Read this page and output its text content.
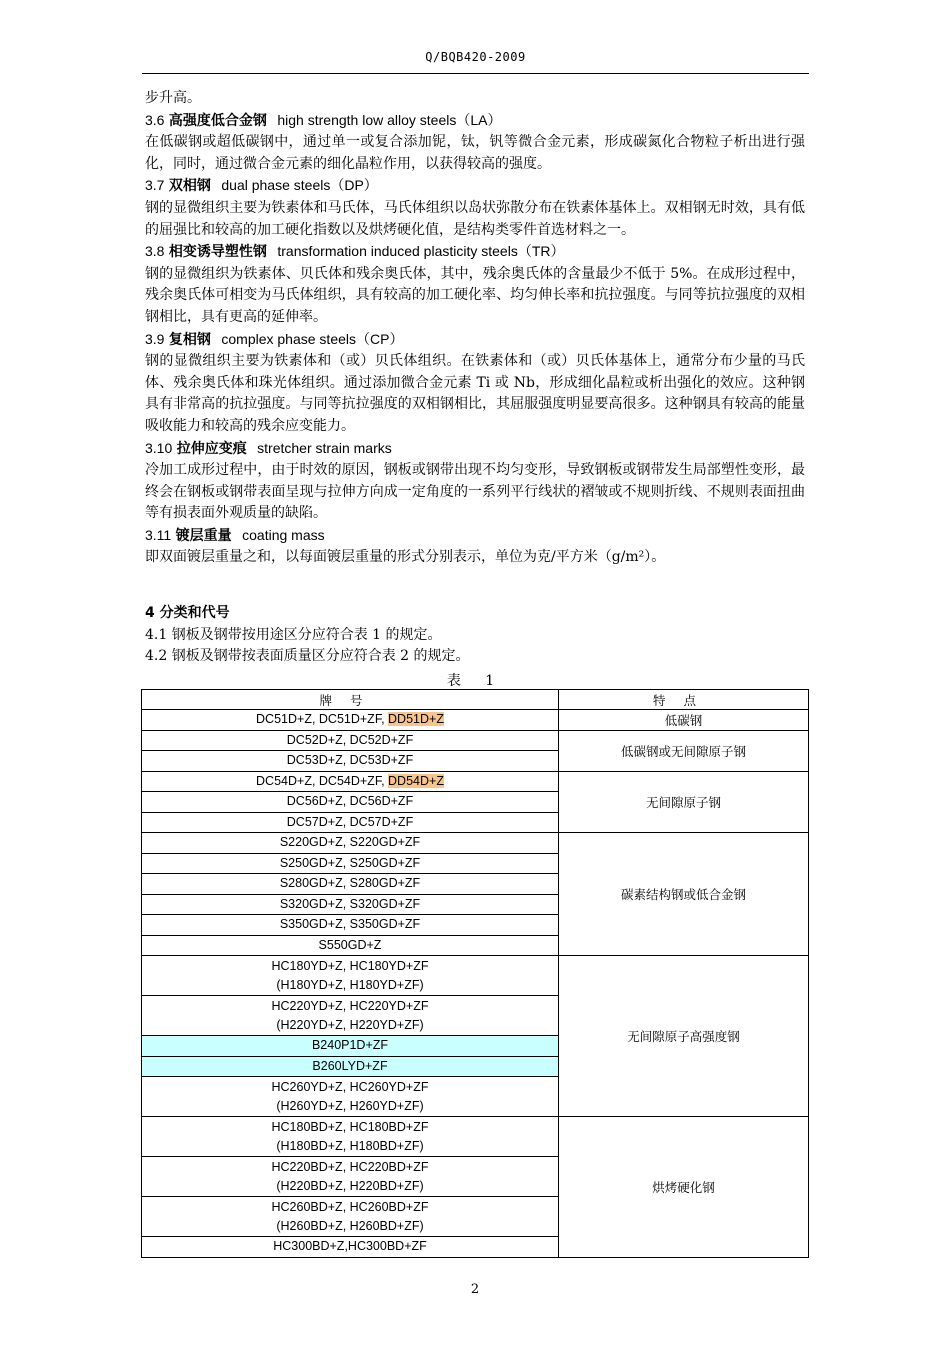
Q/BQB420-2009

步升高。

3.6 高强度低合金钢 high strength low alloy steels（LA）

在低碳钢或超低碳钢中，通过单一或复合添加铌，钛，钒等微合金元素，形成碳氮化合物粒子析出进行强化，同时，通过微合金元素的细化晶粒作用，以获得较高的强度。

3.7 双相钢 dual phase steels（DP）

钢的显微组织主要为铁素体和马氏体，马氏体组织以岛状弥散分布在铁素体基体上。双相钢无时效，具有低的屈强比和较高的加工硬化指数以及烘烤硬化值，是结构类零件首选材料之一。

3.8 相变诱导塑性钢 transformation induced plasticity steels（TR）

钢的显微组织为铁素体、贝氏体和残余奥氏体，其中，残余奥氏体的含量最少不低于 5%。在成形过程中，残余奥氏体可相变为马氏体组织，具有较高的加工硬化率、均匀伸长率和抗拉强度。与同等抗拉强度的双相钢相比，具有更高的延伸率。

3.9 复相钢 complex phase steels（CP）

钢的显微组织主要为铁素体和（或）贝氏体组织。在铁素体和（或）贝氏体基体上，通常分布少量的马氏体、残余奥氏体和珠光体组织。通过添加微合金元素 Ti 或 Nb，形成细化晶粒或析出强化的效应。这种钢具有非常高的抗拉强度。与同等抗拉强度的双相钢相比，其屈服强度明显要高很多。这种钢具有较高的能量吸收能力和较高的残余应变能力。

3.10 拉伸应变痕 stretcher strain marks

冷加工成形过程中，由于时效的原因，钢板或钢带出现不均匀变形，导致钢板或钢带发生局部塑性变形，最终会在钢板或钢带表面呈现与拉伸方向成一定角度的一系列平行线状的褶皱或不规则折线、不规则表面扭曲等有损表面外观质量的缺陷。

3.11 镀层重量 coating mass

即双面镀层重量之和，以每面镀层重量的形式分别表示，单位为克/平方米（g/m²）。

4 分类和代号

4.1 钢板及钢带按用途区分应符合表 1 的规定。

4.2 钢板及钢带按表面质量区分应符合表 2 的规定。

表 1
牌号	特点
DC51D+Z, DC51D+ZF, DD51D+Z	低碳钢
DC52D+Z, DC52D+ZF	低碳钢或无间隙原子钢
DC53D+Z, DC53D+ZF	
DC54D+Z, DC54D+ZF, DD54D+Z	无间隙原子钢
DC56D+Z, DC56D+ZF	
DC57D+Z, DC57D+ZF	
S220GD+Z, S220GD+ZF	碳素结构钢或低合金钢
S250GD+Z, S250GD+ZF	
S280GD+Z, S280GD+ZF	
S320GD+Z, S320GD+ZF	
S350GD+Z, S350GD+ZF	
S550GD+Z	

HC180YD+Z, HC180YD+ZF
(H180YD+Z, H180YD+ZF)	无间隙原子高强度钢

HC220YD+Z, HC220YD+ZF
(H220YD+Z, H220YD+ZF)	

B240P1D+ZF	
B260LYD+ZF	

HC260YD+Z, HC260YD+ZF
(H260YD+Z, H260YD+ZF)	

HC180BD+Z, HC180BD+ZF
(H180BD+Z, H180BD+ZF)	烘烤硬化钢

HC220BD+Z, HC220BD+ZF
(H220BD+Z, H220BD+ZF)	

HC260BD+Z, HC260BD+ZF
(H260BD+Z, H260BD+ZF)	

HC300BD+Z,HC300BD+ZF	
2
